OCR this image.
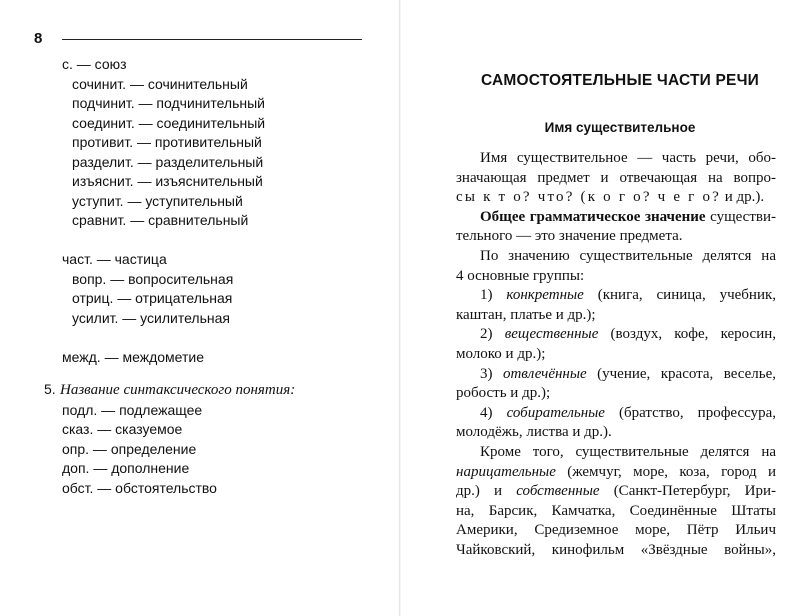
8
с. — союз
сочинит. — сочинительный
подчинит. — подчинительный
соединит. — соединительный
противит. — противительный
разделит. — разделительный
изъяснит. — изъяснительный
уступит. — уступительный
сравнит. — сравнительный
част. — частица
вопр. — вопросительная
отриц. — отрицательная
усилит. — усилительная
межд. — междометие
5. Название синтаксического понятия:
подл. — подлежащее
сказ. — сказуемое
опр. — определение
доп. — дополнение
обст. — обстоятельство
САМОСТОЯТЕЛЬНЫЕ ЧАСТИ РЕЧИ
Имя существительное

Имя существительное — часть речи, обо-
значающая предмет и отвечающая на вопро-
сы к т о? что? (к о г о? ч е г о? и др.).

Общее грамматическое значение существи-
тельного — это значение предмета.

По значению существительные делятся на
4 основные группы:

1) конкретные (книга, синица, учебник,
каштан, платье и др.);

2) вещественные (воздух, кофе, керосин,
молоко и др.);

3) отвлечённые (учение, красота, веселье,
робость и др.);

4) собирательные (братство, профессура,
молодёжь, листва и др.).

Кроме того, существительные делятся на
нарицательные (жемчуг, море, коза, город и
др.) и собственные (Санкт-Петербург, Ири-
на, Барсик, Камчатка, Соединённые Штаты
Америки, Средиземное море, Пётр Ильич
Чайковский, кинофильм «Звёздные войны»,
